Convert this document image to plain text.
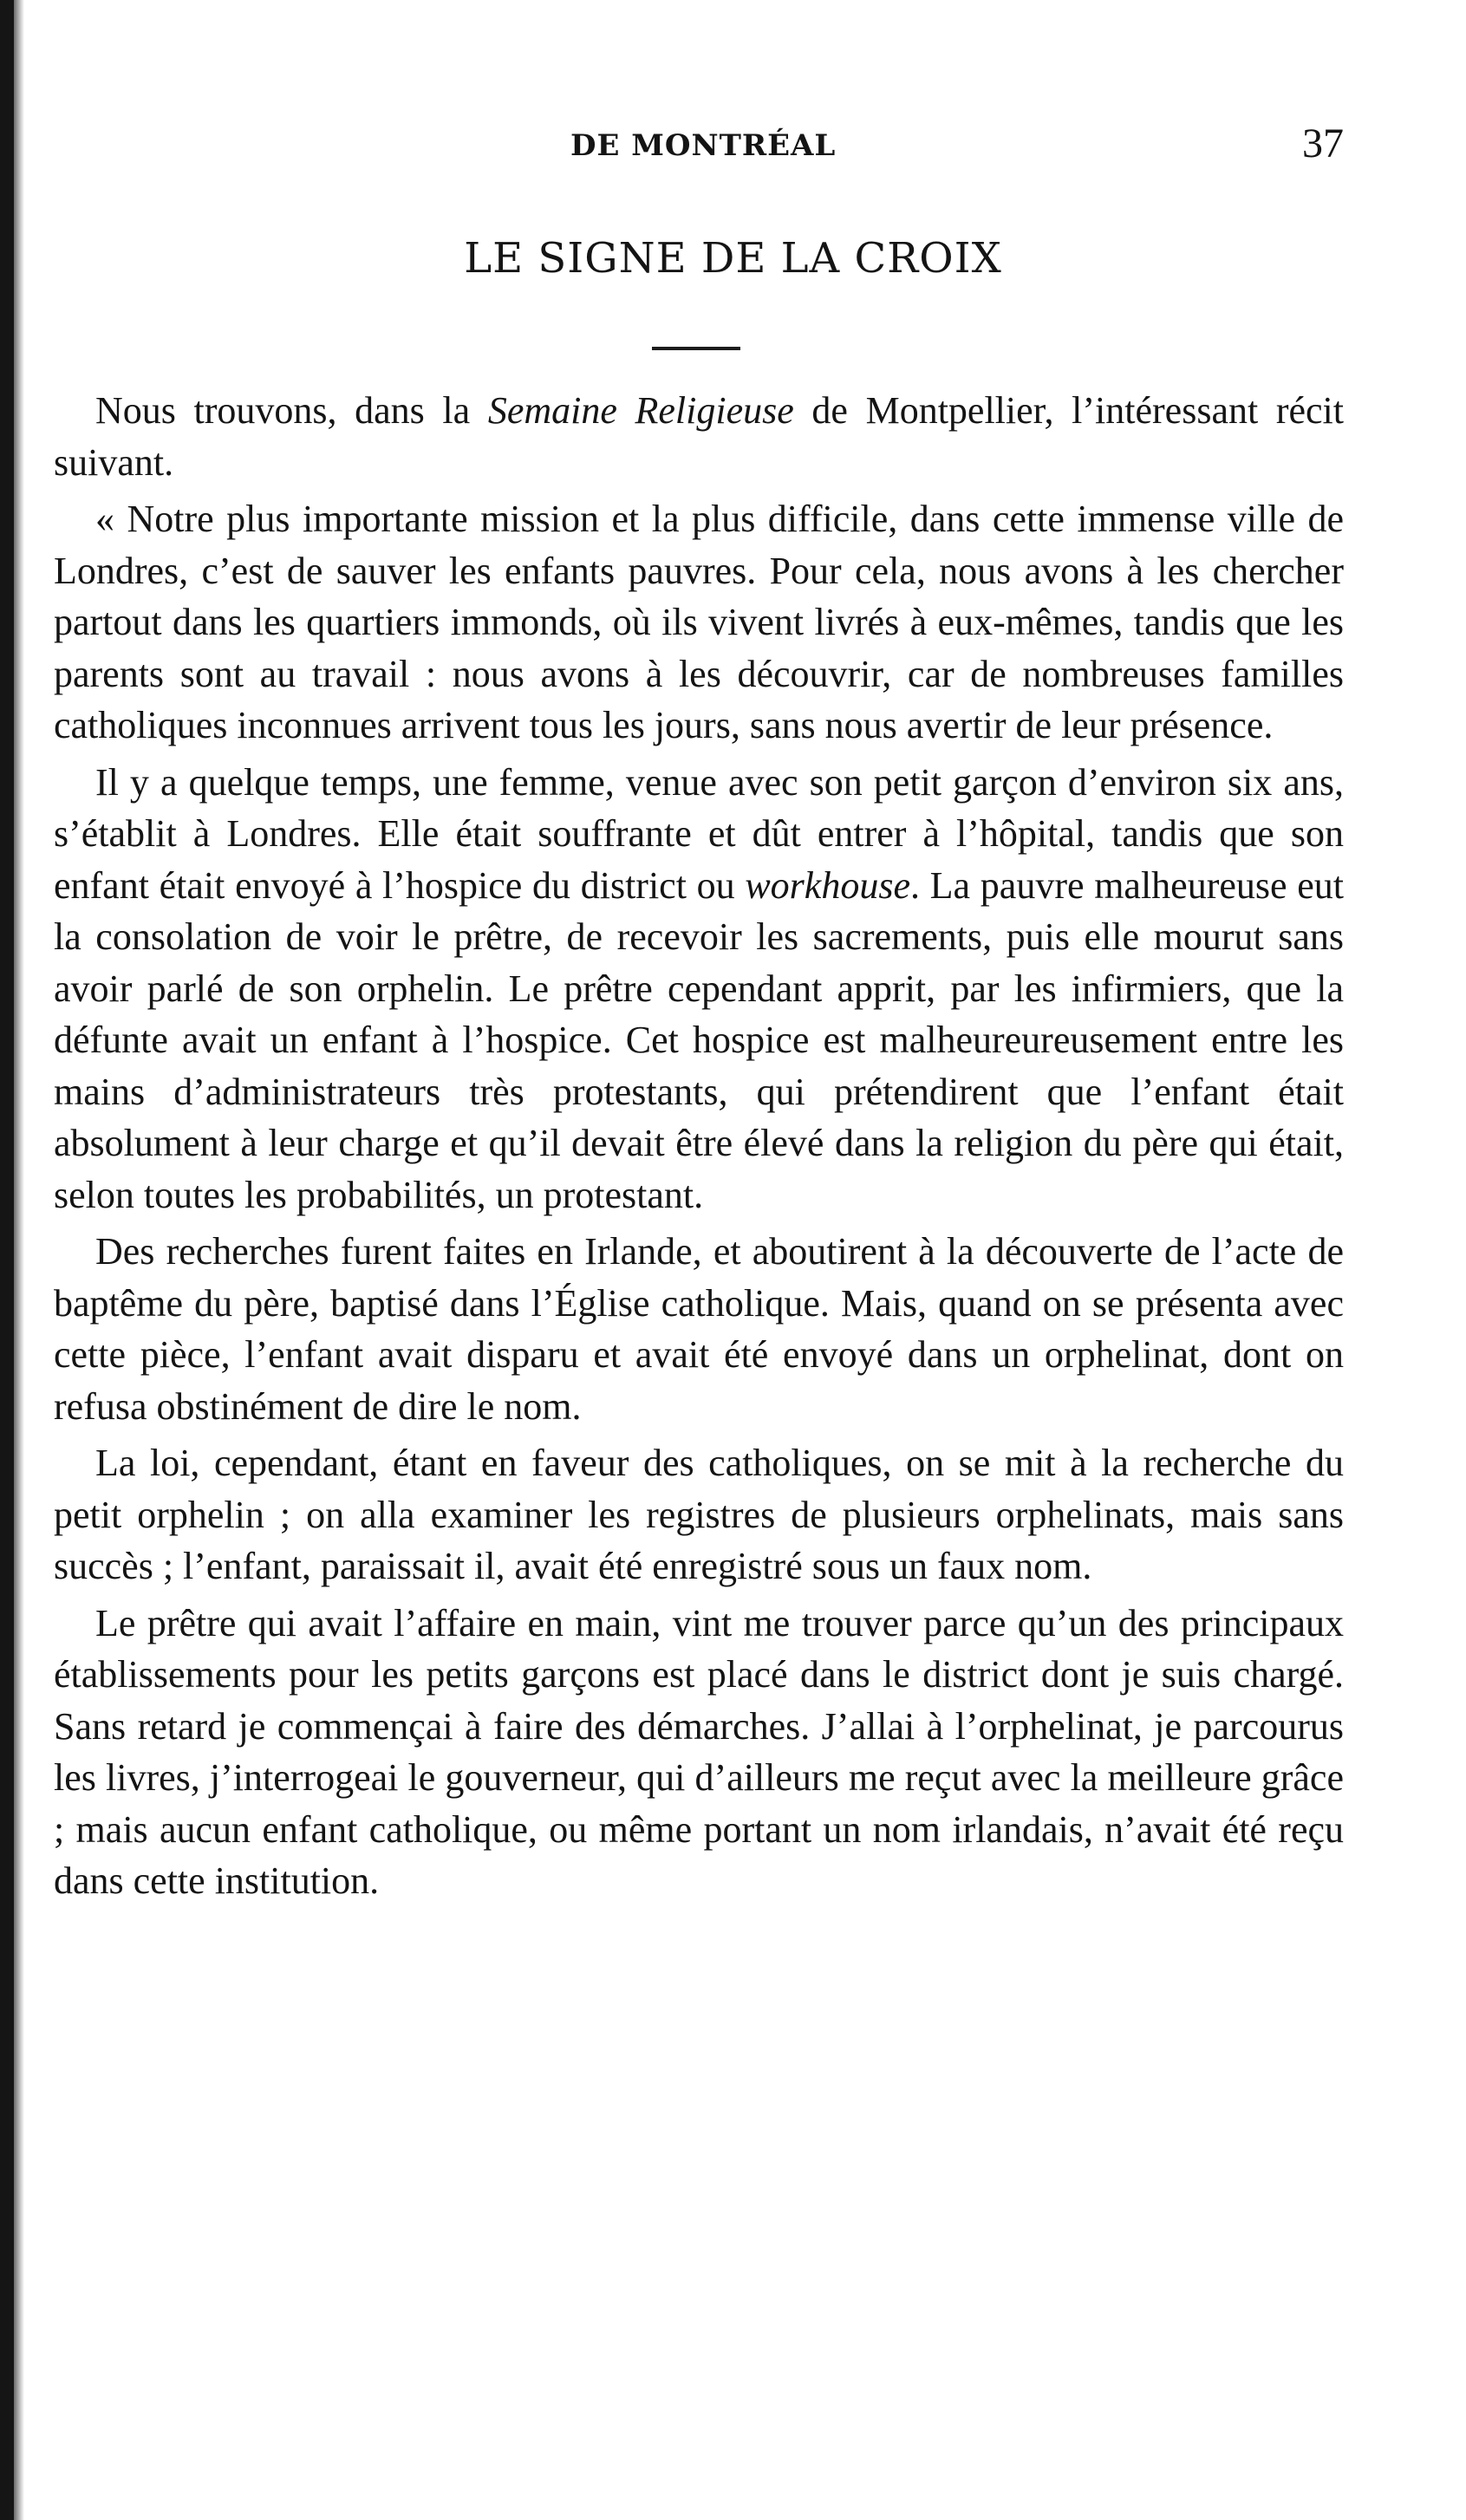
DE MONTRÉAL	37
LE SIGNE DE LA CROIX

Nous trouvons, dans la Semaine Religieuse de Montpellier, l’intéressant récit suivant.

« Notre plus importante mission et la plus difficile, dans cette immense ville de Londres, c’est de sauver les enfants pauvres. Pour cela, nous avons à les chercher partout dans les quartiers immonds, où ils vivent livrés à eux-mêmes, tandis que les parents sont au travail : nous avons à les découvrir, car de nombreuses familles catholiques inconnues arrivent tous les jours, sans nous avertir de leur présence.

Il y a quelque temps, une femme, venue avec son petit garçon d’environ six ans, s’établit à Londres. Elle était souffrante et dût entrer à l’hôpital, tandis que son enfant était envoyé à l’hospice du district ou workhouse. La pauvre malheureuse eut la consolation de voir le prêtre, de recevoir les sacrements, puis elle mourut sans avoir parlé de son orphelin. Le prêtre cependant apprit, par les infirmiers, que la défunte avait un enfant à l’hospice. Cet hospice est malheureureusement entre les mains d’administrateurs très protestants, qui prétendirent que l’enfant était absolument à leur charge et qu’il devait être élevé dans la religion du père qui était, selon toutes les probabilités, un protestant.

Des recherches furent faites en Irlande, et aboutirent à la découverte de l’acte de baptême du père, baptisé dans l’Église catholique. Mais, quand on se présenta avec cette pièce, l’enfant avait disparu et avait été envoyé dans un orphelinat, dont on refusa obstinément de dire le nom.

La loi, cependant, étant en faveur des catholiques, on se mit à la recherche du petit orphelin ; on alla examiner les registres de plusieurs orphelinats, mais sans succès ; l’enfant, paraissait il, avait été enregistré sous un faux nom.

Le prêtre qui avait l’affaire en main, vint me trouver parce qu’un des principaux établissements pour les petits garçons est placé dans le district dont je suis chargé. Sans retard je commençai à faire des démarches. J’allai à l’orphelinat, je parcourus les livres, j’interrogeai le gouverneur, qui d’ailleurs me reçut avec la meilleure grâce ; mais aucun enfant catholique, ou même portant un nom irlandais, n’avait été reçu dans cette institution.
